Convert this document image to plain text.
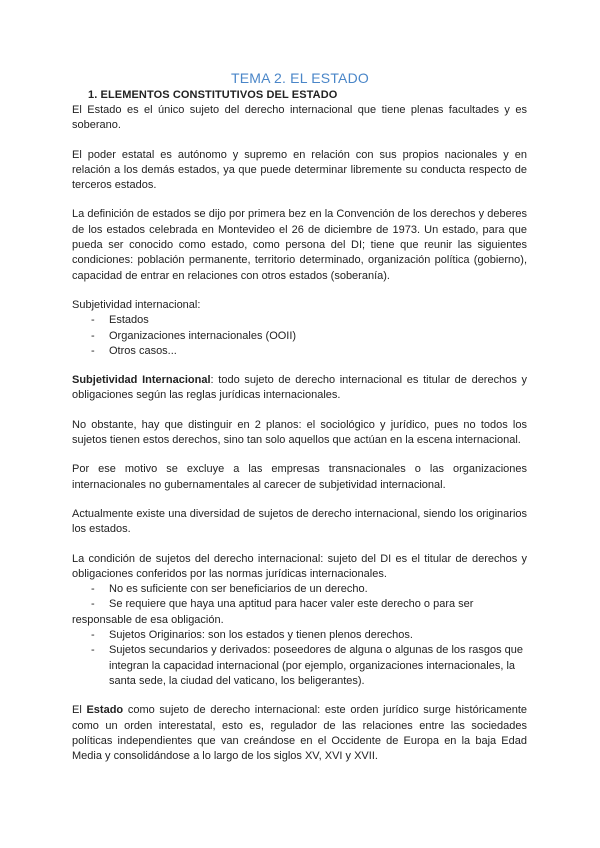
TEMA 2. EL ESTADO
1. ELEMENTOS CONSTITUTIVOS DEL ESTADO

El Estado es el único sujeto del derecho internacional que tiene plenas facultades y es soberano.

El poder estatal es autónomo y supremo en relación con sus propios nacionales y en relación a los demás estados, ya que puede determinar libremente su conducta respecto de terceros estados.

La definición de estados se dijo por primera bez en la Convención de los derechos y deberes de los estados celebrada en Montevideo el 26 de diciembre de 1973. Un estado, para que pueda ser conocido como estado, como persona del DI; tiene que reunir las siguientes condiciones: población permanente, territorio determinado, organización política (gobierno), capacidad de entrar en relaciones con otros estados (soberanía).

Subjetividad internacional:

- Estados
- Organizaciones internacionales (OOII)
- Otros casos...

Subjetividad Internacional: todo sujeto de derecho internacional es titular de derechos y obligaciones según las reglas jurídicas internacionales.

No obstante, hay que distinguir en 2 planos: el sociológico y jurídico, pues no todos los sujetos tienen estos derechos, sino tan solo aquellos que actúan en la escena internacional.

Por ese motivo se excluye a las empresas transnacionales o las organizaciones internacionales no gubernamentales al carecer de subjetividad internacional.

Actualmente existe una diversidad de sujetos de derecho internacional, siendo los originarios los estados.

La condición de sujetos del derecho internacional: sujeto del DI es el titular de derechos y obligaciones conferidos por las normas jurídicas internacionales.

- No es suficiente con ser beneficiarios de un derecho.
- Se requiere que haya una aptitud para hacer valer este derecho o para ser responsable de esa obligación.
- Sujetos Originarios: son los estados y tienen plenos derechos.
- Sujetos secundarios y derivados: poseedores de alguna o algunas de los rasgos que integran la capacidad internacional (por ejemplo, organizaciones internacionales, la santa sede, la ciudad del vaticano, los beligerantes).

El Estado como sujeto de derecho internacional: este orden jurídico surge históricamente como un orden interestatal, esto es, regulador de las relaciones entre las sociedades políticas independientes que van creándose en el Occidente de Europa en la baja Edad Media y consolidándose a lo largo de los siglos XV, XVI y XVII.
